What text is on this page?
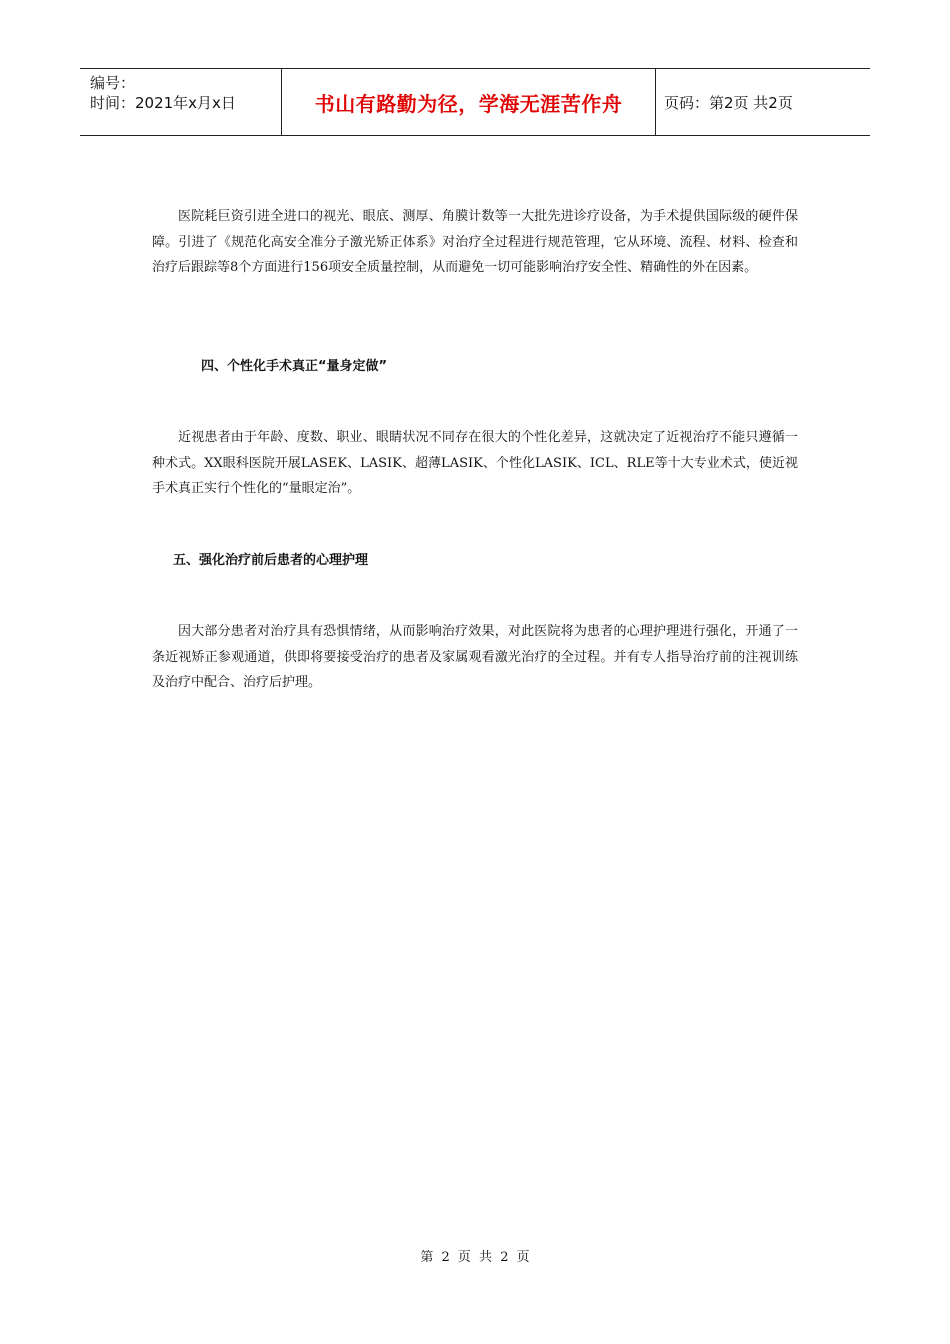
编号：
时间：2021年x月x日	书山有路勤为径，学海无涯苦作舟	页码：第2页 共2页

医院耗巨资引进全进口的视光、眼底、测厚、角膜计数等一大批先进诊疗设备，为手术提供国际级的硬件保障。引进了《规范化高安全准分子激光矫正体系》对治疗全过程进行规范管理，它从环境、流程、材料、检查和治疗后跟踪等8个方面进行156项安全质量控制，从而避免一切可能影响治疗安全性、精确性的外在因素。

四、个性化手术真正“量身定做”

近视患者由于年龄、度数、职业、眼睛状况不同存在很大的个性化差异，这就决定了近视治疗不能只遵循一种术式。XX眼科医院开展LASEK、LASIK、超薄LASIK、个性化LASIK、ICL、RLE等十大专业术式，使近视手术真正实行个性化的“量眼定治”。

五、强化治疗前后患者的心理护理

因大部分患者对治疗具有恐惧情绪，从而影响治疗效果，对此医院将为患者的心理护理进行强化，开通了一条近视矫正参观通道，供即将要接受治疗的患者及家属观看激光治疗的全过程。并有专人指导治疗前的注视训练及治疗中配合、治疗后护理。

第 2 页 共 2 页
